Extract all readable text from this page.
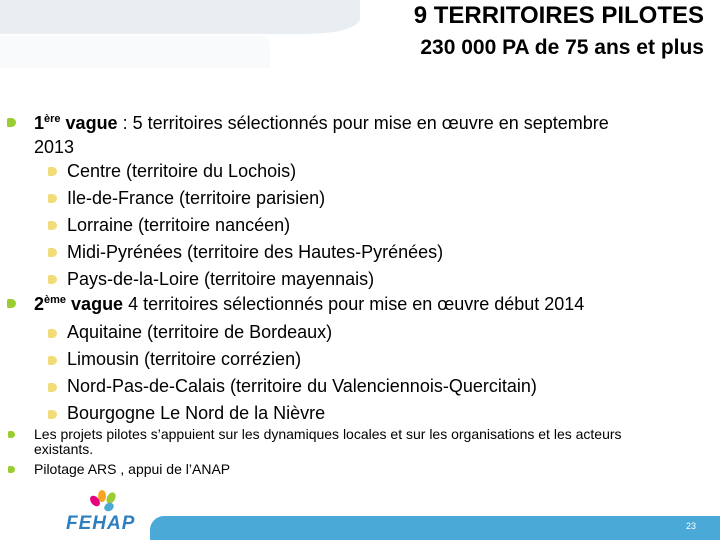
9 TERRITOIRES PILOTES
230 000 PA de 75 ans et plus
1ère vague : 5 territoires sélectionnés pour mise en œuvre en septembre
2013
Centre (territoire du Lochois)
Ile-de-France (territoire parisien)
Lorraine (territoire nancéen)
Midi-Pyrénées (territoire des Hautes-Pyrénées)
Pays-de-la-Loire (territoire mayennais)
2ème vague 4 territoires sélectionnés pour mise en œuvre début 2014
Aquitaine (territoire de Bordeaux)
Limousin (territoire corrézien)
Nord-Pas-de-Calais (territoire du Valenciennois-Quercitain)
Bourgogne Le Nord de la Nièvre
Les projets pilotes s’appuient sur les dynamiques locales et sur les organisations et les acteurs
existants.
Pilotage ARS , appui de l’ANAP
23
FEHAP
